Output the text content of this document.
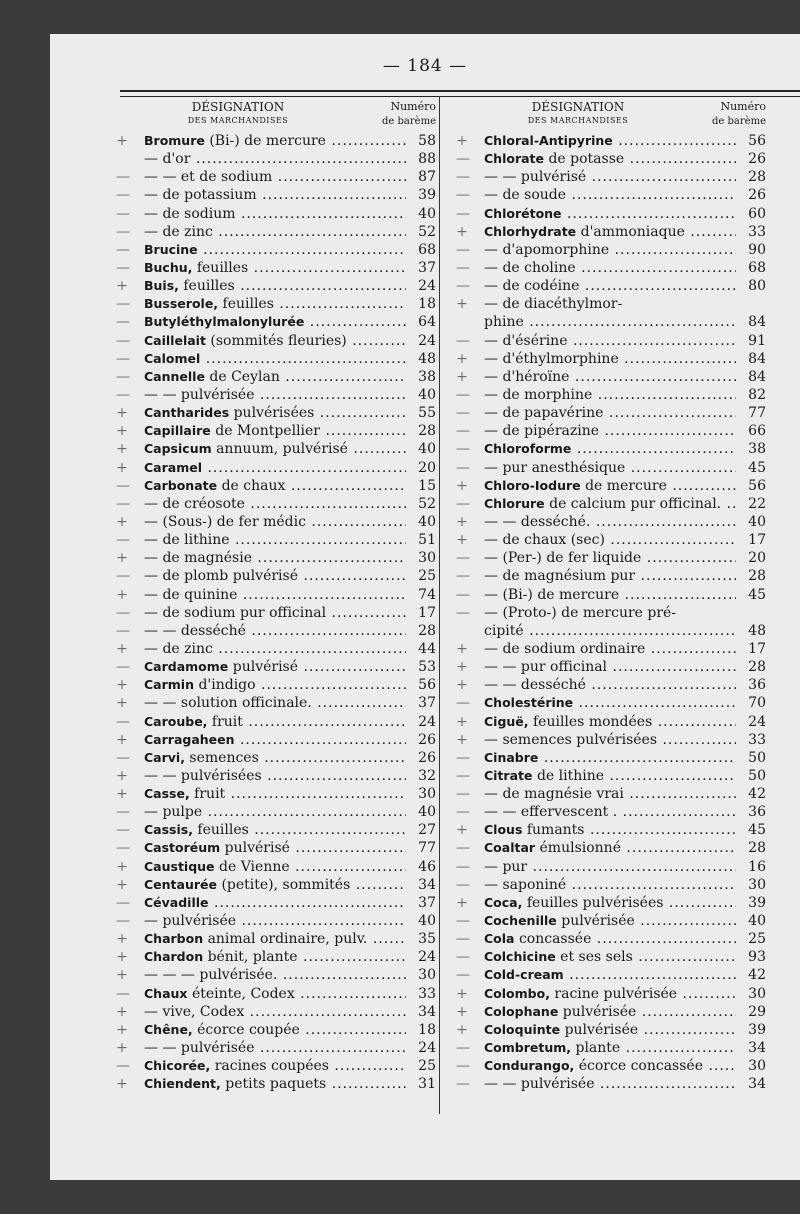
— 184 —
DÉSIGNATION
DES MARCHANDISES
Numéro
de barème
+ Bromure (Bi-) de mercure .....	58
— d'or .....	88
— — — et de sodium .....	87
— — de potassium .....	39
— — de sodium .....	40
— — de zinc .....	52
— Brucine .....	68
— Buchu, feuilles .....	37
+ Buis, feuilles .....	24
— Busserole, feuilles .....	18
— Butyléthylmalonylurée .....	64
— Caillelait (sommités fleuries) .....	24
— Calomel .....	48
— Cannelle de Ceylan .....	38
— — — pulvérisée .....	40
+ Cantharides pulvérisées .....	55
+ Capillaire de Montpellier .....	28
+ Capsicum annuum, pulvérisé .....	40
+ Caramel .....	20
— Carbonate de chaux .....	15
— — de créosote .....	52
+ — (Sous-) de fer médic .....	40
— — de lithine .....	51
+ — de magnésie .....	30
— — de plomb pulvérisé .....	25
+ — de quinine .....	74
— — de sodium pur officinal .....	17
— — — desséché .....	28
+ — de zinc .....	44
— Cardamome pulvérisé .....	53
+ Carmin d'indigo .....	56
+ — — solution officinale. .....	37
— Caroube, fruit .....	24
+ Carragaheen .....	26
— Carvi, semences .....	26
+ — — pulvérisées .....	32
+ Casse, fruit .....	30
— — pulpe .....	40
— Cassis, feuilles .....	27
— Castoréum pulvérisé .....	77
+ Caustique de Vienne .....	46
+ Centaurée (petite), sommités .....	34
— Cévadille .....	37
— — pulvérisée .....	40
+ Charbon animal ordinaire, pulv. .....	35
+ Chardon bénit, plante .....	24
+ — — — pulvérisée. .....	30
— Chaux éteinte, Codex .....	33
+ — vive, Codex .....	34
+ Chêne, écorce coupée .....	18
+ — — pulvérisée .....	24
— Chicorée, racines coupées .....	25
+ Chiendent, petits paquets .....	31
DÉSIGNATION
DES MARCHANDISES
Numéro
de barème
+ Chloral-Antipyrine .....	56
— Chlorate de potasse .....	26
— — — pulvérisé .....	28
— — de soude .....	26
— Chlorétone .....	60
+ Chlorhydrate d'ammoniaque .....	33
— — d'apomorphine .....	90
— — de choline .....	68
— — de codéine .....	80
+ — de diacéthylmor-
phine .....	84
— — d'ésérine .....	91
+ — d'éthylmorphine .....	84
+ — d'héroïne .....	84
— — de morphine .....	82
— — de papavérine .....	77
— — de pipérazine .....	66
— Chloroforme .....	38
— — pur anesthésique .....	45
+ Chloro-Iodure de mercure .....	56
— Chlorure de calcium pur officinal. .....	22
+ — — desséché. .....	40
+ — de chaux (sec) .....	17
— — (Per-) de fer liquide .....	20
— — de magnésium pur .....	28
— — (Bi-) de mercure .....	45
— — (Proto-) de mercure pré-
cipité .....	48
+ — de sodium ordinaire .....	17
+ — — pur officinal .....	28
+ — — desséché .....	36
— Cholestérine .....	70
+ Ciguë, feuilles mondées .....	24
+ — semences pulvérisées .....	33
— Cinabre .....	50
— Citrate de lithine .....	50
— — de magnésie vrai .....	42
— — — effervescent . .....	36
+ Clous fumants .....	45
— Coaltar émulsionné .....	28
— — pur .....	16
— — saponiné .....	30
+ Coca, feuilles pulvérisées .....	39
— Cochenille pulvérisée .....	40
— Cola concassée .....	25
— Colchicine et ses sels .....	93
— Cold-cream .....	42
+ Colombo, racine pulvérisée .....	30
+ Colophane pulvérisée .....	29
+ Coloquinte pulvérisée .....	39
— Combretum, plante .....	34
— Condurango, écorce concassée .....	30
— — — pulvérisée .....	34
